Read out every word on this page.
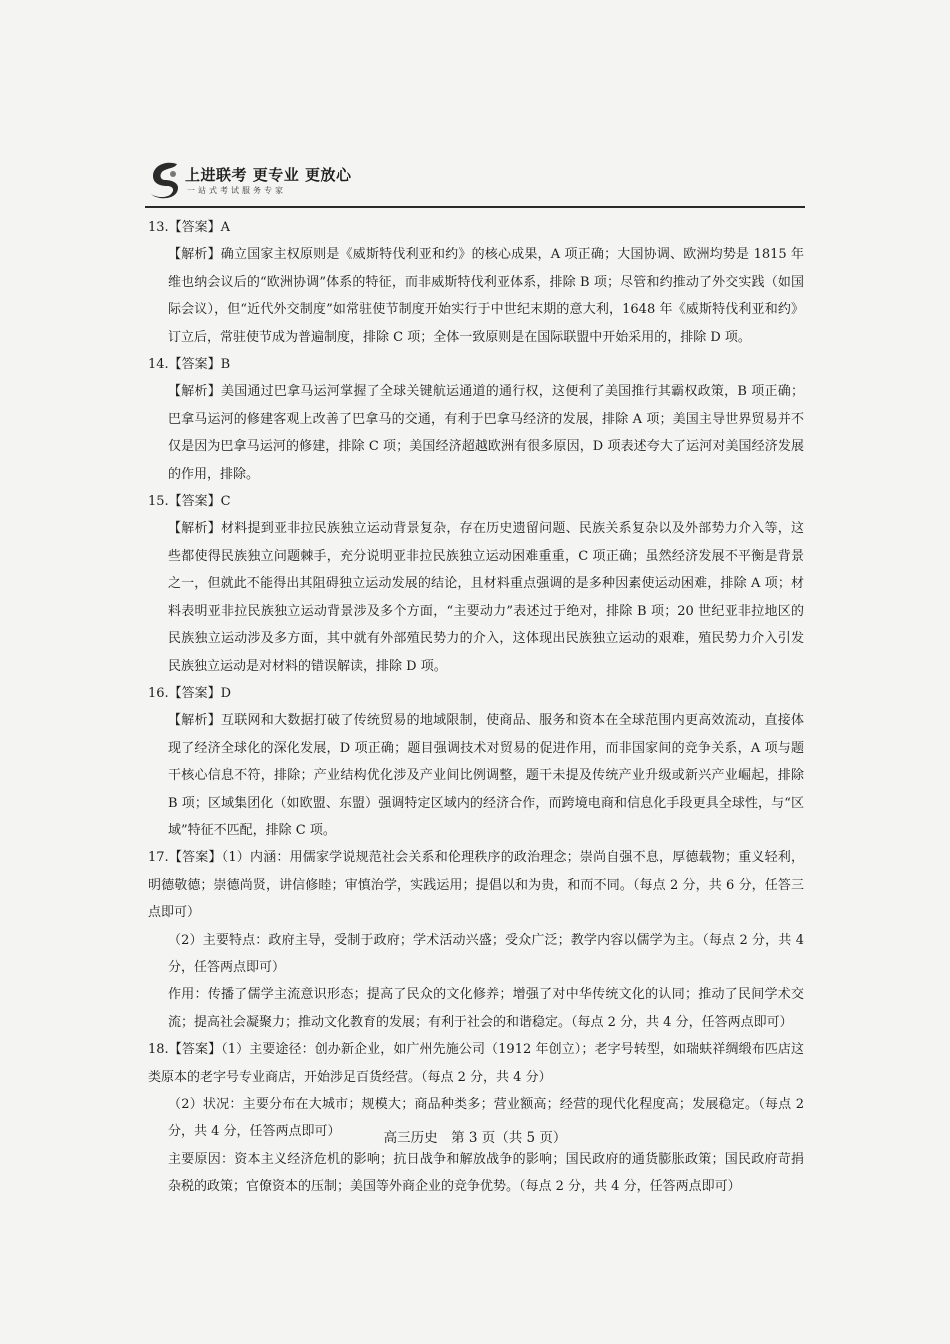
上进联考 更专业 更放心
一站式考试服务专家

13.【答案】A

【解析】确立国家主权原则是《威斯特伐利亚和约》的核心成果，A 项正确；大国协调、欧洲均势是 1815 年维也纳会议后的“欧洲协调”体系的特征，而非威斯特伐利亚体系，排除 B 项；尽管和约推动了外交实践（如国际会议），但“近代外交制度”如常驻使节制度开始实行于中世纪末期的意大利，1648 年《威斯特伐利亚和约》订立后，常驻使节成为普遍制度，排除 C 项；全体一致原则是在国际联盟中开始采用的，排除 D 项。

14.【答案】B

【解析】美国通过巴拿马运河掌握了全球关键航运通道的通行权，这便利了美国推行其霸权政策，B 项正确；巴拿马运河的修建客观上改善了巴拿马的交通，有利于巴拿马经济的发展，排除 A 项；美国主导世界贸易并不仅是因为巴拿马运河的修建，排除 C 项；美国经济超越欧洲有很多原因，D 项表述夸大了运河对美国经济发展的作用，排除。

15.【答案】C

【解析】材料提到亚非拉民族独立运动背景复杂，存在历史遗留问题、民族关系复杂以及外部势力介入等，这些都使得民族独立问题棘手，充分说明亚非拉民族独立运动困难重重，C 项正确；虽然经济发展不平衡是背景之一，但就此不能得出其阻碍独立运动发展的结论，且材料重点强调的是多种因素使运动困难，排除 A 项；材料表明亚非拉民族独立运动背景涉及多个方面，“主要动力”表述过于绝对，排除 B 项；20 世纪亚非拉地区的民族独立运动涉及多方面，其中就有外部殖民势力的介入，这体现出民族独立运动的艰难，殖民势力介入引发民族独立运动是对材料的错误解读，排除 D 项。

16.【答案】D

【解析】互联网和大数据打破了传统贸易的地域限制，使商品、服务和资本在全球范围内更高效流动，直接体现了经济全球化的深化发展，D 项正确；题目强调技术对贸易的促进作用，而非国家间的竞争关系，A 项与题干核心信息不符，排除；产业结构优化涉及产业间比例调整，题干未提及传统产业升级或新兴产业崛起，排除 B 项；区域集团化（如欧盟、东盟）强调特定区域内的经济合作，而跨境电商和信息化手段更具全球性，与“区域”特征不匹配，排除 C 项。

17.【答案】（1）内涵：用儒家学说规范社会关系和伦理秩序的政治理念；崇尚自强不息，厚德载物；重义轻利，明德敬德；崇德尚贤，讲信修睦；审慎治学，实践运用；提倡以和为贵，和而不同。（每点 2 分，共 6 分，任答三点即可）

（2）主要特点：政府主导，受制于政府；学术活动兴盛；受众广泛；教学内容以儒学为主。（每点 2 分，共 4 分，任答两点即可）

作用：传播了儒学主流意识形态；提高了民众的文化修养；增强了对中华传统文化的认同；推动了民间学术交流；提高社会凝聚力；推动文化教育的发展；有利于社会的和谐稳定。（每点 2 分，共 4 分，任答两点即可）

18.【答案】（1）主要途径：创办新企业，如广州先施公司（1912 年创立）；老字号转型，如瑞蚨祥绸缎布匹店这类原本的老字号专业商店，开始涉足百货经营。（每点 2 分，共 4 分）

（2）状况：主要分布在大城市；规模大；商品种类多；营业额高；经营的现代化程度高；发展稳定。（每点 2 分，共 4 分，任答两点即可）

主要原因：资本主义经济危机的影响；抗日战争和解放战争的影响；国民政府的通货膨胀政策；国民政府苛捐杂税的政策；官僚资本的压制；美国等外商企业的竞争优势。（每点 2 分，共 4 分，任答两点即可）

高三历史　第 3 页（共 5 页）
